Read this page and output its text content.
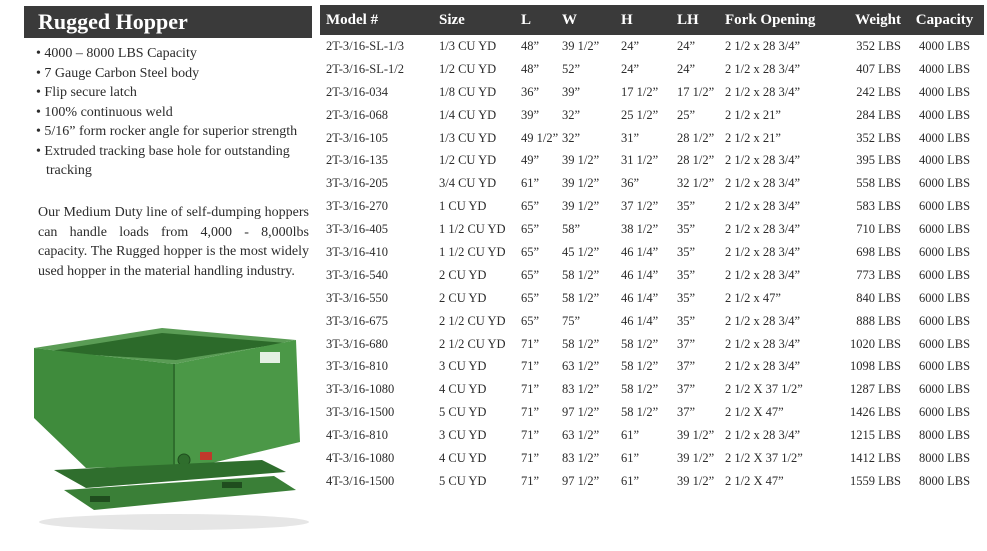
Rugged Hopper
• 4000 – 8000 LBS Capacity
• 7 Gauge Carbon Steel body
• Flip secure latch
• 100% continuous weld
• 5/16” form rocker angle for superior strength
• Extruded tracking base hole for outstanding tracking

Our Medium Duty line of self-dumping hoppers can handle loads from 4,000 - 8,000lbs capacity. The Rugged hopper is the most widely used hopper in the material handling industry.

Model #	Size	L	W	H	LH	Fork Opening	Weight	Capacity
2T-3/16-SL-1/3	1/3 CU YD	48”	39 1/2”	24”	24”	2 1/2 x 28 3/4”	352 LBS	4000 LBS
2T-3/16-SL-1/2	1/2 CU YD	48”	52”	24”	24”	2 1/2 x 28 3/4”	407 LBS	4000 LBS
2T-3/16-034	1/8 CU YD	36”	39”	17 1/2”	17 1/2”	2 1/2 x 28 3/4”	242 LBS	4000 LBS
2T-3/16-068	1/4 CU YD	39”	32”	25 1/2”	25”	2 1/2 x 21”	284 LBS	4000 LBS
2T-3/16-105	1/3 CU YD	49 1/2”	32”	31”	28 1/2”	2 1/2 x 21”	352 LBS	4000 LBS
2T-3/16-135	1/2 CU YD	49”	39 1/2”	31 1/2”	28 1/2”	2 1/2 x 28 3/4”	395 LBS	4000 LBS
3T-3/16-205	3/4 CU YD	61”	39 1/2”	36”	32 1/2”	2 1/2 x 28 3/4”	558 LBS	6000 LBS
3T-3/16-270	1 CU YD	65”	39 1/2”	37 1/2”	35”	2 1/2 x 28 3/4”	583 LBS	6000 LBS
3T-3/16-405	1 1/2 CU YD	65”	58”	38 1/2”	35”	2 1/2 x 28 3/4”	710 LBS	6000 LBS
3T-3/16-410	1 1/2 CU YD	65”	45 1/2”	46 1/4”	35”	2 1/2 x 28 3/4”	698 LBS	6000 LBS
3T-3/16-540	2 CU YD	65”	58 1/2”	46 1/4”	35”	2 1/2 x 28 3/4”	773 LBS	6000 LBS
3T-3/16-550	2 CU YD	65”	58 1/2”	46 1/4”	35”	2 1/2 x 47”	840 LBS	6000 LBS
3T-3/16-675	2 1/2 CU YD	65”	75”	46 1/4”	35”	2 1/2 x 28 3/4”	888 LBS	6000 LBS
3T-3/16-680	2 1/2 CU YD	71”	58 1/2”	58 1/2”	37”	2 1/2 x 28 3/4”	1020 LBS	6000 LBS
3T-3/16-810	3 CU YD	71”	63 1/2”	58 1/2”	37”	2 1/2 x 28 3/4”	1098 LBS	6000 LBS
3T-3/16-1080	4 CU YD	71”	83 1/2”	58 1/2”	37”	2 1/2 X 37 1/2”	1287 LBS	6000 LBS
3T-3/16-1500	5 CU YD	71”	97 1/2”	58 1/2”	37”	2 1/2 X 47”	1426 LBS	6000 LBS
4T-3/16-810	3 CU YD	71”	63 1/2”	61”	39 1/2”	2 1/2 x 28 3/4”	1215 LBS	8000 LBS
4T-3/16-1080	4 CU YD	71”	83 1/2”	61”	39 1/2”	2 1/2 X 37 1/2”	1412 LBS	8000 LBS
4T-3/16-1500	5 CU YD	71”	97 1/2”	61”	39 1/2”	2 1/2 X 47”	1559 LBS	8000 LBS
